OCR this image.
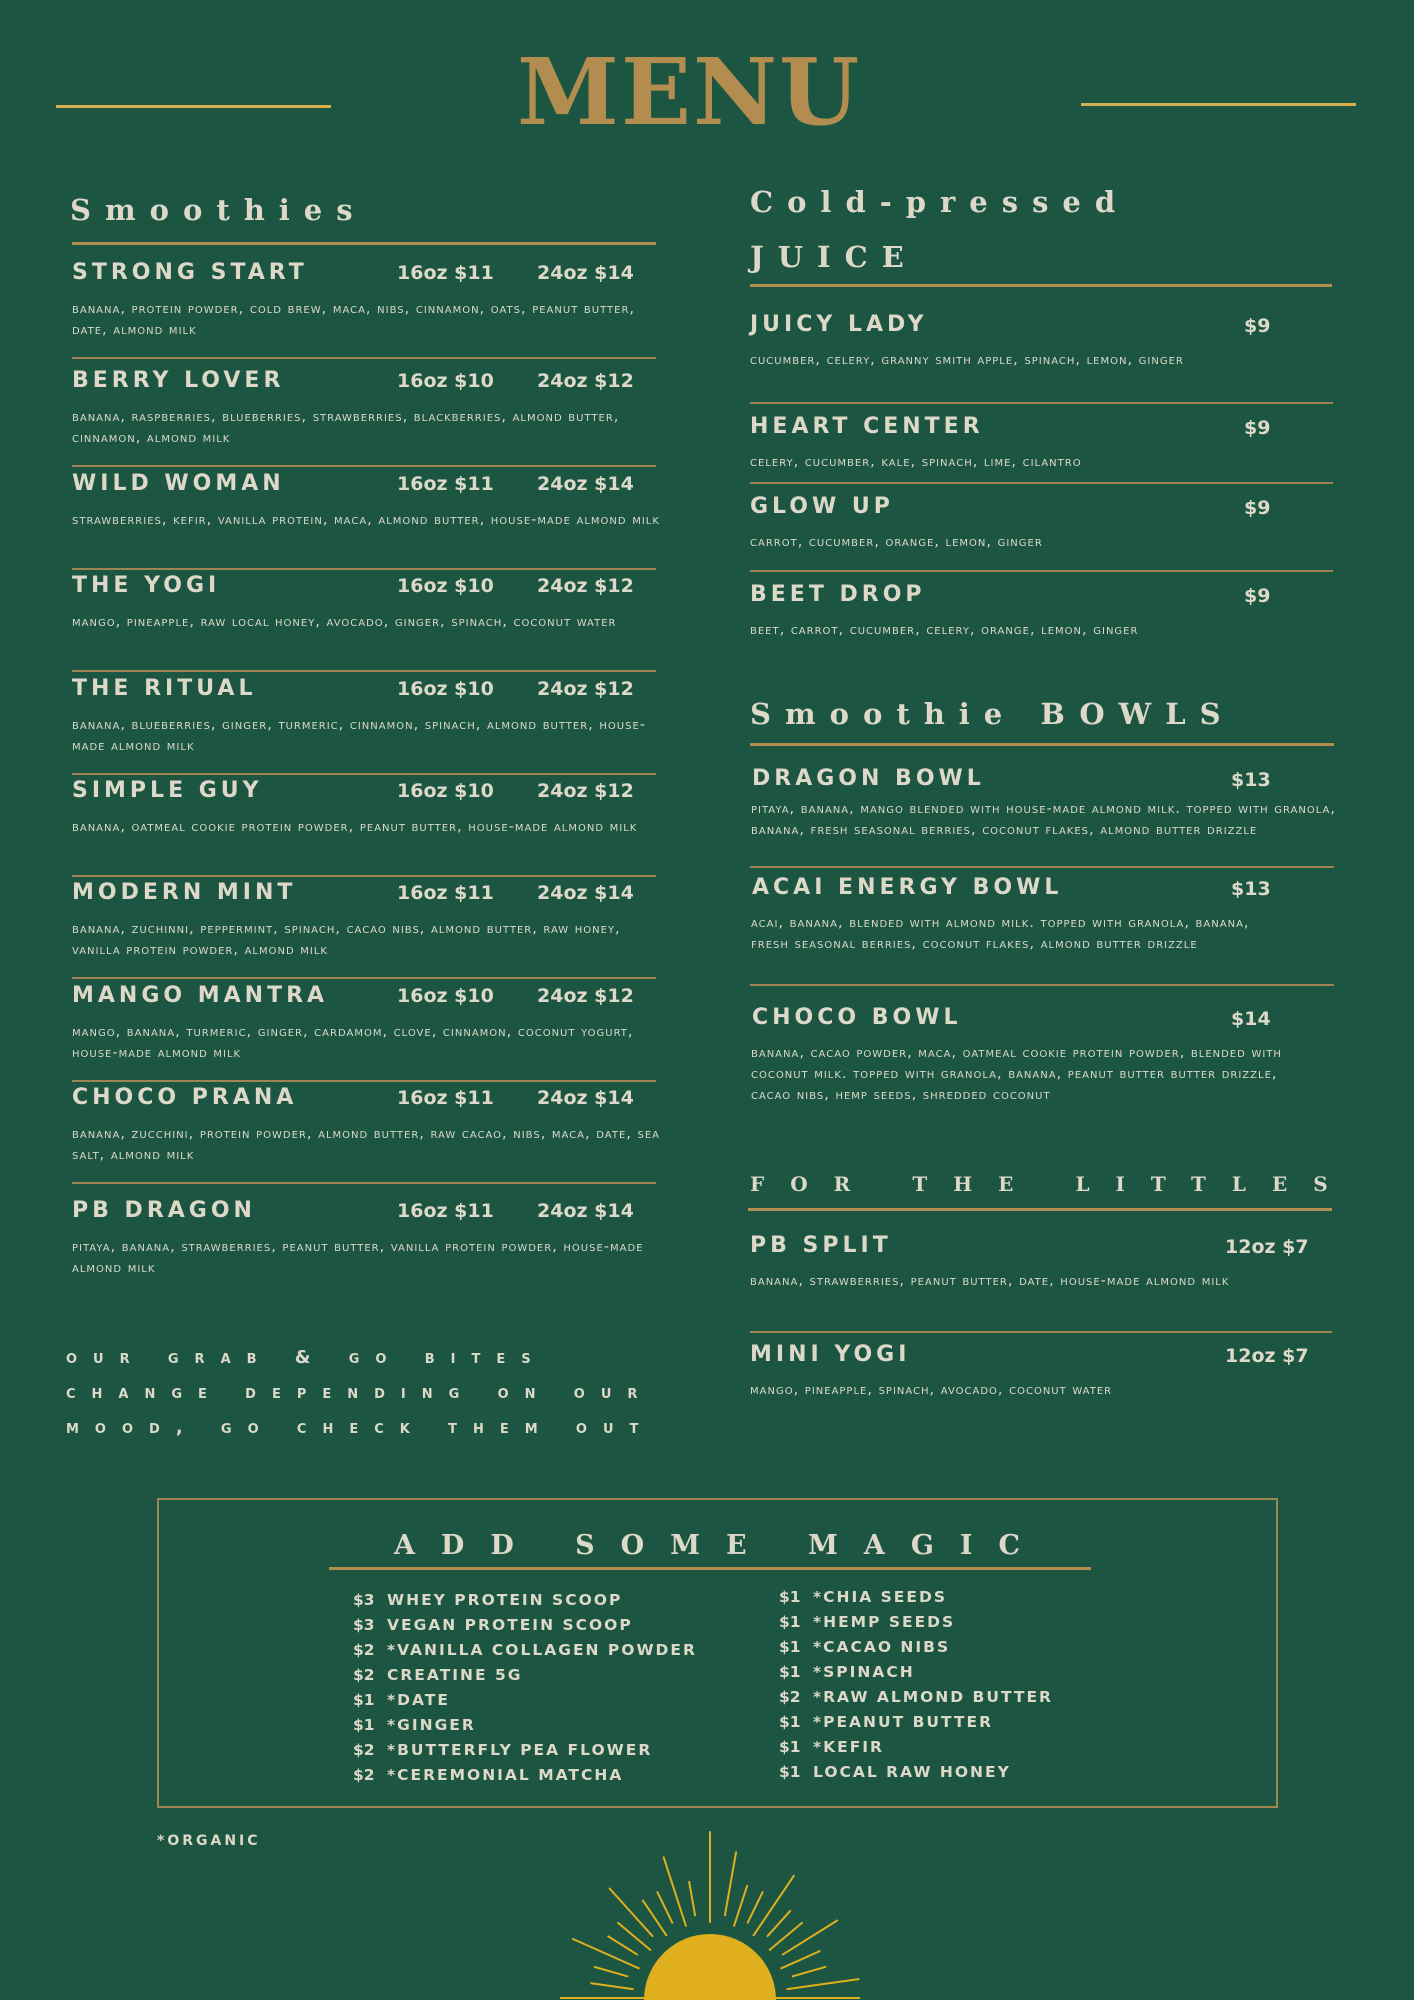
MENU
Smoothies
STRONG START	16oz $11 24oz $14
banana, protein powder, cold brew, maca, nibs, cinnamon, oats, peanut butter, date, almond milk
BERRY LOVER	16oz $10 24oz $12
banana, raspberries, blueberries, strawberries, blackberries, almond butter, cinnamon, almond milk
WILD WOMAN	16oz $11 24oz $14
strawberries, kefir, vanilla protein, maca, almond butter, house-made almond milk
THE YOGI	16oz $10 24oz $12
mango, pineapple, raw local honey, avocado, ginger, spinach, coconut water
THE RITUAL	16oz $10 24oz $12
banana, blueberries, ginger, turmeric, cinnamon, spinach, almond butter, house-made almond milk
SIMPLE GUY	16oz $10 24oz $12
banana, oatmeal cookie protein powder, peanut butter, house-made almond milk
MODERN MINT	16oz $11 24oz $14
banana, zuchinni, peppermint, spinach, cacao nibs, almond butter, raw honey, vanilla protein powder, almond milk
MANGO MANTRA	16oz $10 24oz $12
mango, banana, turmeric, ginger, cardamom, clove, cinnamon, coconut yogurt, house-made almond milk
CHOCO PRANA	16oz $11 24oz $14
banana, zucchini, protein powder, almond butter, raw cacao, nibs, maca, date, sea salt, almond milk
PB DRAGON	16oz $11 24oz $14
pitaya, banana, strawberries, peanut butter, vanilla protein powder, house-made almond milk
our grab & go bites change depending on our mood, go check them out
Cold-pressed
JUICE
JUICY LADY	$9
cucumber, celery, granny smith apple, spinach, lemon, ginger
HEART CENTER	$9
celery, cucumber, kale, spinach, lime, cilantro
GLOW UP	$9
carrot, cucumber, orange, lemon, ginger
BEET DROP	$9
beet, carrot, cucumber, celery, orange, lemon, ginger
Smoothie BOWLS
DRAGON BOWL	$13
pitaya, banana, mango blended with house-made almond milk. topped with granola, banana, fresh seasonal berries, coconut flakes, almond butter drizzle
ACAI ENERGY BOWL	$13
acai, banana, blended with almond milk. topped with granola, banana, fresh seasonal berries, coconut flakes, almond butter drizzle
CHOCO BOWL	$14
banana, cacao powder, maca, oatmeal cookie protein powder, blended with coconut milk. topped with granola, banana, peanut butter butter drizzle, cacao nibs, hemp seeds, shredded coconut
for the littles
PB SPLIT	12oz $7
banana, strawberries, peanut butter, date, house-made almond milk
MINI YOGI	12oz $7
mango, pineapple, spinach, avocado, coconut water
ADD SOME MAGIC
$3 WHEY PROTEIN SCOOP
$3 VEGAN PROTEIN SCOOP
$2 *VANILLA COLLAGEN POWDER
$2 CREATINE 5G
$1 *DATE
$1 *GINGER
$2 *BUTTERFLY PEA FLOWER
$2 *CEREMONIAL MATCHA
$1 *CHIA SEEDS
$1 *HEMP SEEDS
$1 *CACAO NIBS
$1 *SPINACH
$2 *RAW ALMOND BUTTER
$1 *PEANUT BUTTER
$1 *KEFIR
$1 LOCAL RAW HONEY
*ORGANIC
